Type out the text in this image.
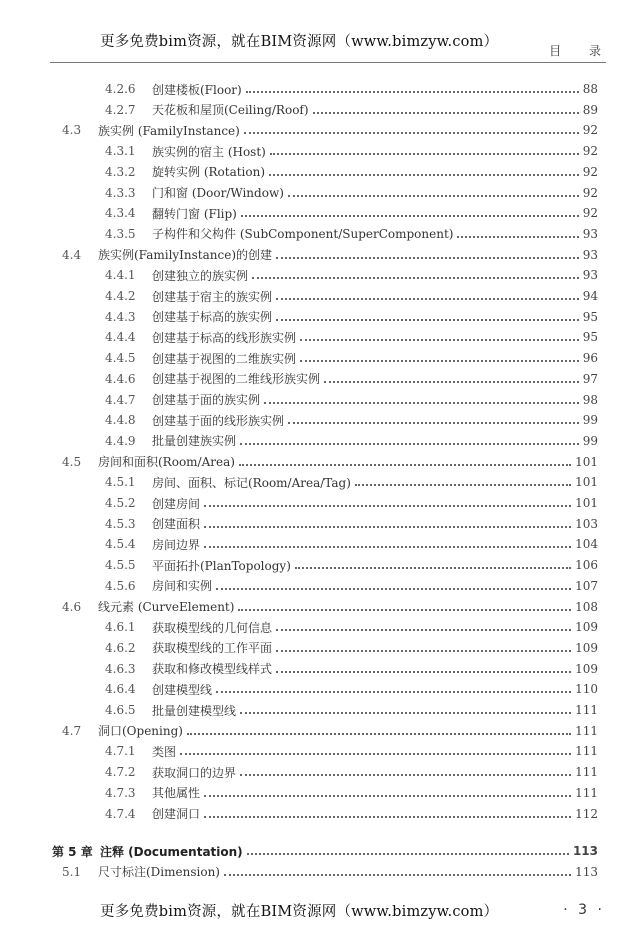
更多免费bim资源，就在BIM资源网（www.bimzyw.com）
目 录
4.2.6	创建楼板(Floor)	88
4.2.7	天花板和屋顶(Ceiling/Roof)	89
4.3	族实例 (FamilyInstance)	92
4.3.1	族实例的宿主 (Host)	92
4.3.2	旋转实例 (Rotation)	92
4.3.3	门和窗 (Door/Window)	92
4.3.4	翻转门窗 (Flip)	92
4.3.5	子构件和父构件 (SubComponent/SuperComponent)	93
4.4	族实例(FamilyInstance)的创建	93
4.4.1	创建独立的族实例	93
4.4.2	创建基于宿主的族实例	94
4.4.3	创建基于标高的族实例	95
4.4.4	创建基于标高的线形族实例	95
4.4.5	创建基于视图的二维族实例	96
4.4.6	创建基于视图的二维线形族实例	97
4.4.7	创建基于面的族实例	98
4.4.8	创建基于面的线形族实例	99
4.4.9	批量创建族实例	99
4.5	房间和面积(Room/Area)	101
4.5.1	房间、面积、标记(Room/Area/Tag)	101
4.5.2	创建房间	101
4.5.3	创建面积	103
4.5.4	房间边界	104
4.5.5	平面拓扑(PlanTopology)	106
4.5.6	房间和实例	107
4.6	线元素 (CurveElement)	108
4.6.1	获取模型线的几何信息	109
4.6.2	获取模型线的工作平面	109
4.6.3	获取和修改模型线样式	109
4.6.4	创建模型线	110
4.6.5	批量创建模型线	111
4.7	洞口(Opening)	111
4.7.1	类图	111
4.7.2	获取洞口的边界	111
4.7.3	其他属性	111
4.7.4	创建洞口	112
第 5 章 注释 (Documentation)	113
5.1	尺寸标注(Dimension)	113
更多免费bim资源，就在BIM资源网（www.bimzyw.com）	· 3 ·
